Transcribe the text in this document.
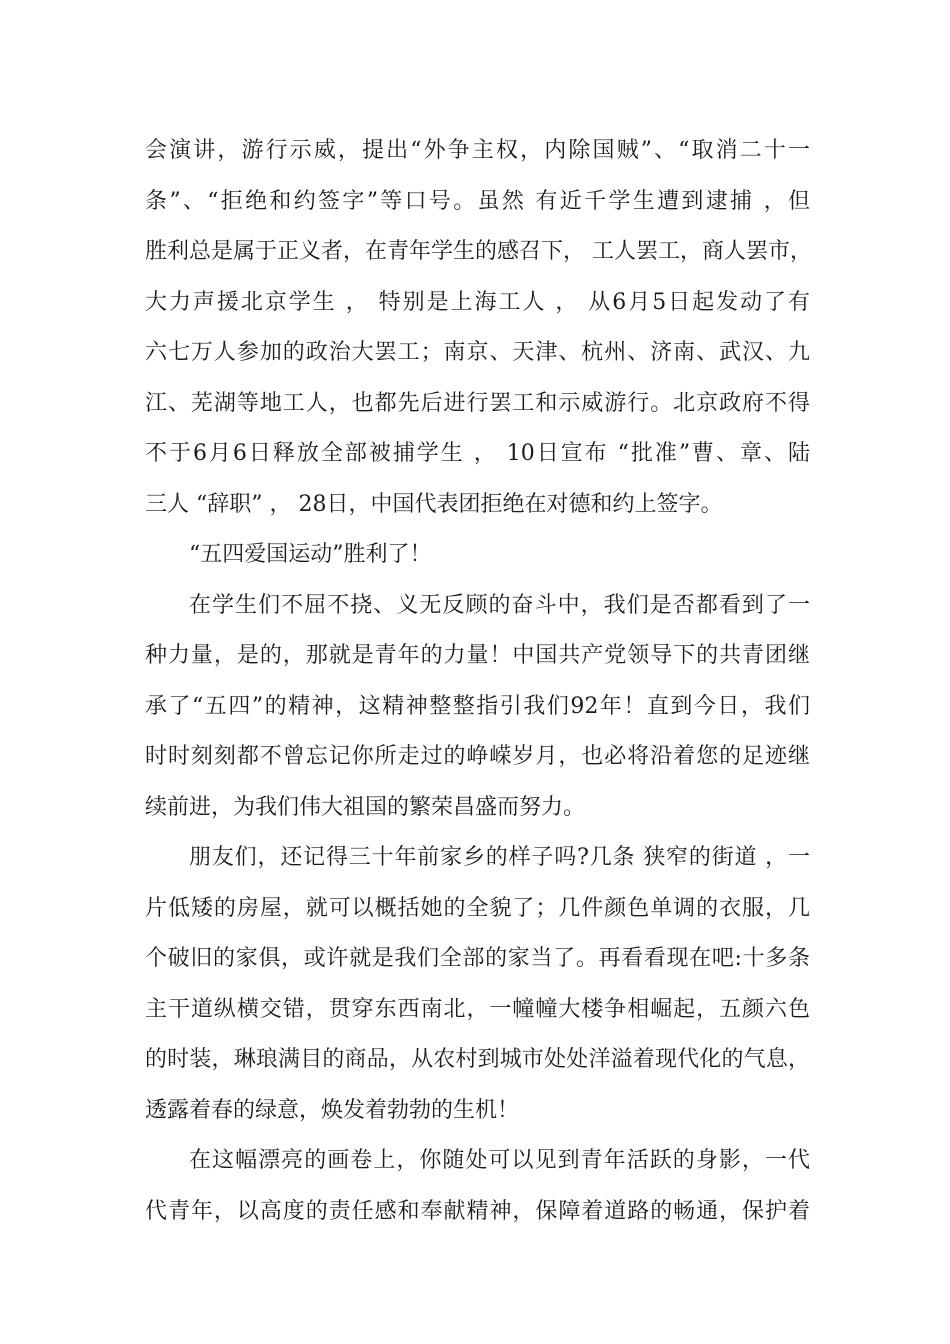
会演讲，游行示威，提出“外争主权，内除国贼”、“取消二十一
条”、“拒绝和约签字”等口号。虽然 有近千学生遭到逮捕 ，但
胜利总是属于正义者，在青年学生的感召下， 工人罢工，商人罢市，
大力声援北京学生 ， 特别是上海工人 ， 从6月5日起发动了有
六七万人参加的政治大罢工；南京、天津、杭州、济南、武汉、九
江、芜湖等地工人，也都先后进行罢工和示威游行。北京政府不得
不于6月6日释放全部被捕学生 ， 10日宣布 “批准”曹、章、陆
三人 “辞职” ， 28日，中国代表团拒绝在对德和约上签字。
“五四爱国运动”胜利了！
在学生们不屈不挠、义无反顾的奋斗中，我们是否都看到了一
种力量，是的，那就是青年的力量！中国共产党领导下的共青团继
承了“五四”的精神，这精神整整指引我们92年！直到今日，我们
时时刻刻都不曾忘记你所走过的峥嵘岁月，也必将沿着您的足迹继
续前进，为我们伟大祖国的繁荣昌盛而努力。
朋友们，还记得三十年前家乡的样子吗?几条 狭窄的街道 ，一
片低矮的房屋，就可以概括她的全貌了；几件颜色单调的衣服，几
个破旧的家俱，或许就是我们全部的家当了。再看看现在吧:十多条
主干道纵横交错，贯穿东西南北，一幢幢大楼争相崛起，五颜六色
的时装，琳琅满目的商品，从农村到城市处处洋溢着现代化的气息，
透露着春的绿意，焕发着勃勃的生机！
在这幅漂亮的画卷上，你随处可以见到青年活跃的身影，一代
代青年，以高度的责任感和奉献精神，保障着道路的畅通，保护着
